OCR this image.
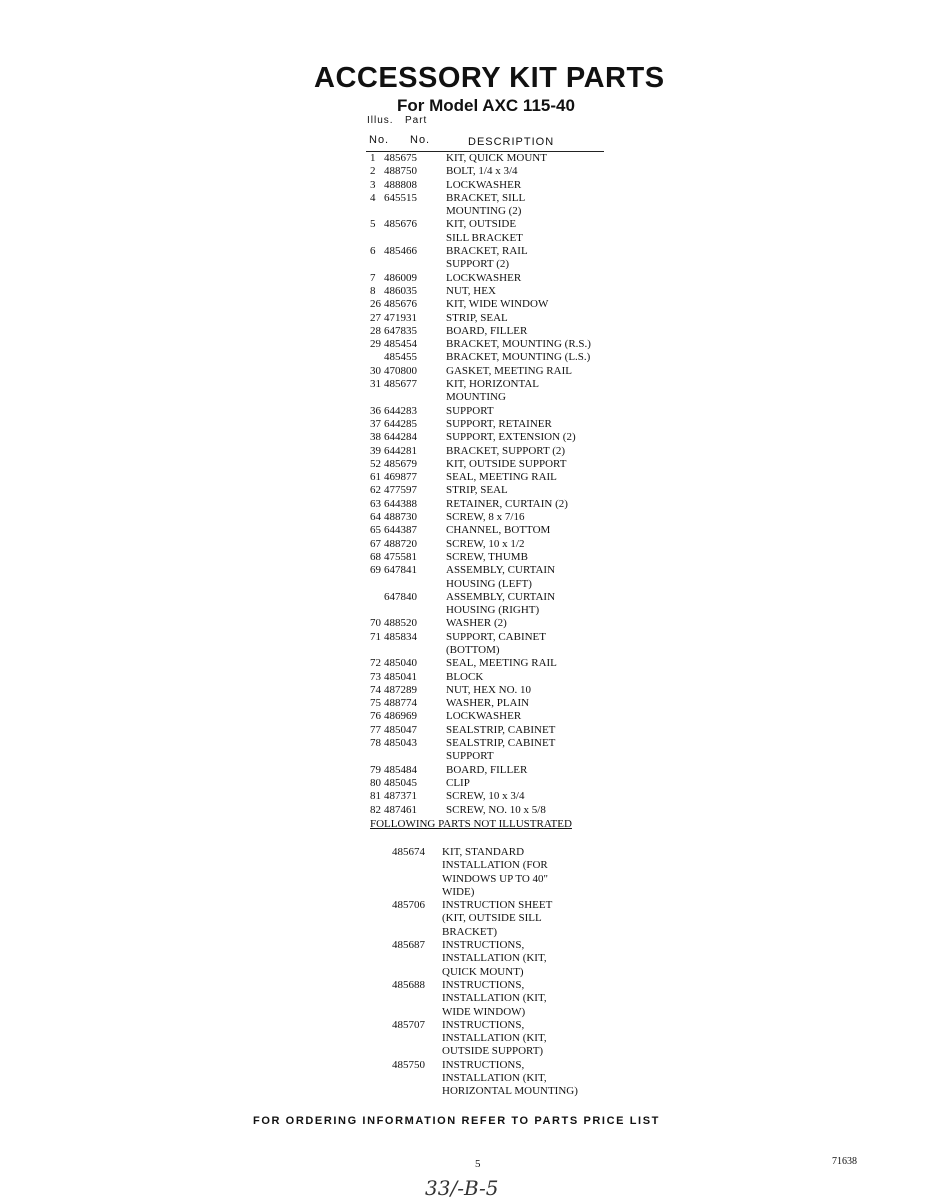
ACCESSORY KIT PARTS
For Model AXC 115-40
Illus. Part
No. No.	DESCRIPTION
1 485675	KIT, QUICK MOUNT
2 488750	BOLT, 1/4 x 3/4
3 488808	LOCKWASHER
4 645515	BRACKET, SILL
MOUNTING (2)
5 485676	KIT, OUTSIDE
SILL BRACKET
6 485466	BRACKET, RAIL
SUPPORT (2)
7 486009	LOCKWASHER
8 486035	NUT, HEX
26 485676	KIT, WIDE WINDOW
27 471931	STRIP, SEAL
28 647835	BOARD, FILLER
29 485454	BRACKET, MOUNTING (R.S.)
485455	BRACKET, MOUNTING (L.S.)
30 470800	GASKET, MEETING RAIL
31 485677	KIT, HORIZONTAL
MOUNTING
36 644283	SUPPORT
37 644285	SUPPORT, RETAINER
38 644284	SUPPORT, EXTENSION (2)
39 644281	BRACKET, SUPPORT (2)
52 485679	KIT, OUTSIDE SUPPORT
61 469877	SEAL, MEETING RAIL
62 477597	STRIP, SEAL
63 644388	RETAINER, CURTAIN (2)
64 488730	SCREW, 8 x 7/16
65 644387	CHANNEL, BOTTOM
67 488720	SCREW, 10 x 1/2
68 475581	SCREW, THUMB
69 647841	ASSEMBLY, CURTAIN
HOUSING (LEFT)
647840	ASSEMBLY, CURTAIN
HOUSING (RIGHT)
70 488520	WASHER (2)
71 485834	SUPPORT, CABINET
(BOTTOM)
72 485040	SEAL, MEETING RAIL
73 485041	BLOCK
74 487289	NUT, HEX NO. 10
75 488774	WASHER, PLAIN
76 486969	LOCKWASHER
77 485047	SEALSTRIP, CABINET
78 485043	SEALSTRIP, CABINET
SUPPORT
79 485484	BOARD, FILLER
80 485045	CLIP
81 487371	SCREW, 10 x 3/4
82 487461	SCREW, NO. 10 x 5/8
FOLLOWING PARTS NOT ILLUSTRATED
485674 KIT, STANDARD
INSTALLATION (FOR
WINDOWS UP TO 40"
WIDE)
485706 INSTRUCTION SHEET
(KIT, OUTSIDE SILL
BRACKET)
485687 INSTRUCTIONS,
INSTALLATION (KIT,
QUICK MOUNT)
485688 INSTRUCTIONS,
INSTALLATION (KIT,
WIDE WINDOW)
485707 INSTRUCTIONS,
INSTALLATION (KIT,
OUTSIDE SUPPORT)
485750 INSTRUCTIONS,
INSTALLATION (KIT,
HORIZONTAL MOUNTING)
FOR ORDERING INFORMATION REFER TO PARTS PRICE LIST
5	71638
33/-B-5
